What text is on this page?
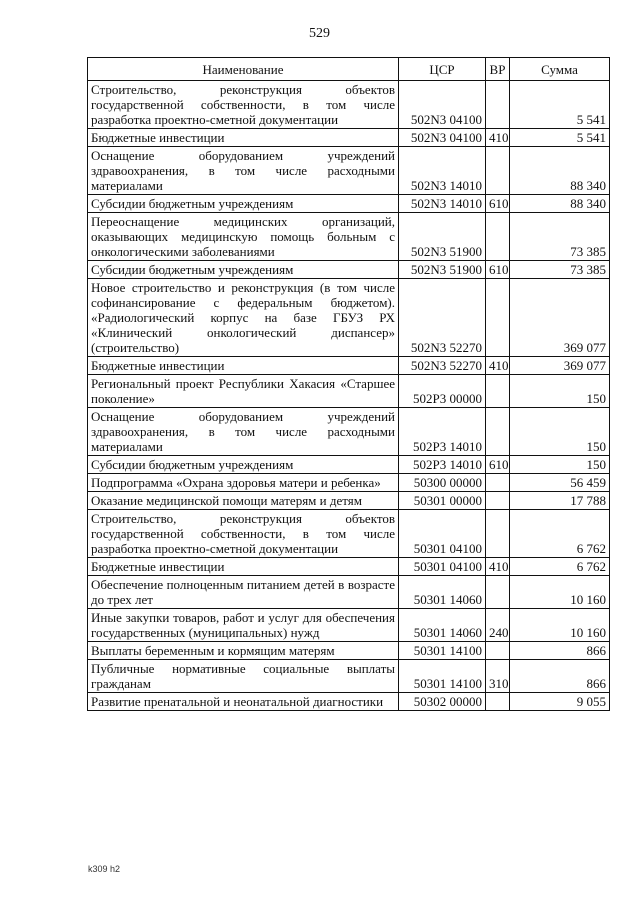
529
Наименование	ЦСР	ВР	Сумма
Строительство, реконструкция объектов государственной собственности, в том числе разработка проектно-сметной документации	502N3 04100		5 541
Бюджетные инвестиции	502N3 04100	410	5 541
Оснащение оборудованием учреждений здравоохранения, в том числе расходными материалами	502N3 14010		88 340
Субсидии бюджетным учреждениям	502N3 14010	610	88 340
Переоснащение медицинских организаций, оказывающих медицинскую помощь больным с онкологическими заболеваниями	502N3 51900		73 385
Субсидии бюджетным учреждениям	502N3 51900	610	73 385
Новое строительство и реконструкция (в том числе софинансирование с федеральным бюджетом). «Радиологический корпус на базе ГБУЗ РХ «Клинический онкологический диспансер» (строительство)	502N3 52270		369 077
Бюджетные инвестиции	502N3 52270	410	369 077
Региональный проект Республики Хакасия «Старшее поколение»	502P3 00000		150
Оснащение оборудованием учреждений здравоохранения, в том числе расходными материалами	502P3 14010		150
Субсидии бюджетным учреждениям	502P3 14010	610	150
Подпрограмма «Охрана здоровья матери и ребенка»	50300 00000		56 459
Оказание медицинской помощи матерям и детям	50301 00000		17 788
Строительство, реконструкция объектов государственной собственности, в том числе разработка проектно-сметной документации	50301 04100		6 762
Бюджетные инвестиции	50301 04100	410	6 762
Обеспечение полноценным питанием детей в возрасте до трех лет	50301 14060		10 160
Иные закупки товаров, работ и услуг для обеспечения государственных (муниципальных) нужд	50301 14060	240	10 160
Выплаты беременным и кормящим матерям	50301 14100		866
Публичные нормативные социальные выплаты гражданам	50301 14100	310	866
Развитие пренатальной и неонатальной диагностики	50302 00000		9 055
k309 h2
